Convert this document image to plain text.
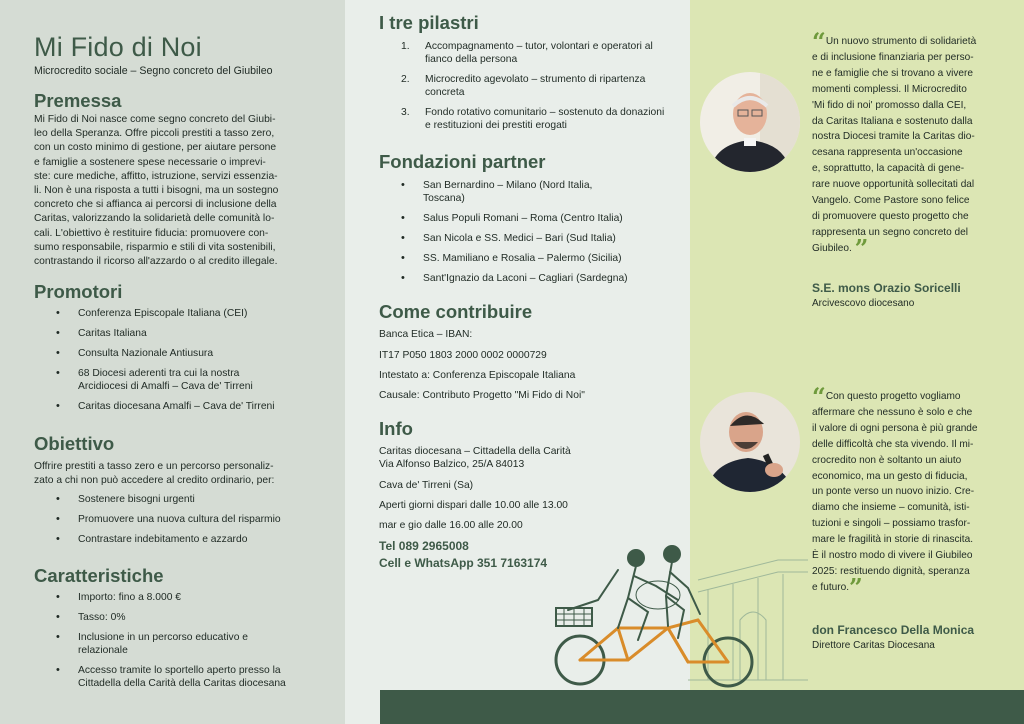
Mi Fido di Noi
Microcredito sociale – Segno concreto del Giubileo
Premessa
Mi Fido di Noi nasce come segno concreto del Giubi-
leo della Speranza. Offre piccoli prestiti a tasso zero,
con un costo minimo di gestione, per aiutare persone
e famiglie a sostenere spese necessarie o imprevi-
ste: cure mediche, affitto, istruzione, servizi essenzia-
li. Non è una risposta a tutti i bisogni, ma un sostegno
concreto che si affianca ai percorsi di inclusione della
Caritas, valorizzando la solidarietà delle comunità lo-
cali. L'obiettivo è restituire fiducia: promuovere con-
sumo responsabile, risparmio e stili di vita sostenibili,
contrastando il ricorso all'azzardo o al credito illegale.
Promotori
• Conferenza Episcopale Italiana (CEI)
• Caritas Italiana
• Consulta Nazionale Antiusura
• 68 Diocesi aderenti tra cui la nostra Arcidiocesi di Amalfi – Cava de' Tirreni
• Caritas diocesana Amalfi – Cava de' Tirreni
Obiettivo
Offrire prestiti a tasso zero e un percorso personaliz-
zato a chi non può accedere al credito ordinario, per:
• Sostenere bisogni urgenti
• Promuovere una nuova cultura del risparmio
• Contrastare indebitamento e azzardo
Caratteristiche
• Importo: fino a 8.000 €
• Tasso: 0%
• Inclusione in un percorso educativo e relazionale
• Accesso tramite lo sportello aperto presso la Cittadella della Carità della Caritas diocesana
I tre pilastri
1. Accompagnamento – tutor, volontari e operatori al fianco della persona
2. Microcredito agevolato – strumento di ripartenza concreta
3. Fondo rotativo comunitario – sostenuto da donazioni e restituzioni dei prestiti erogati
Fondazioni partner
• San Bernardino – Milano (Nord Italia, Toscana)
• Salus Populi Romani – Roma (Centro Italia)
• San Nicola e SS. Medici – Bari (Sud Italia)
• SS. Mamiliano e Rosalia – Palermo (Sicilia)
• Sant'Ignazio da Laconi – Cagliari (Sardegna)
Come contribuire
Banca Etica – IBAN:
IT17 P050 1803 2000 0002 0000729
Intestato a: Conferenza Episcopale Italiana
Causale: Contributo Progetto "Mi Fido di Noi"
Info
Caritas diocesana – Cittadella della Carità
Via Alfonso Balzico, 25/A 84013
Cava de' Tirreni (Sa)
Aperti giorni dispari dalle 10.00 alle 13.00
mar e gio dalle 16.00 alle 20.00
Tel 089 2965008
Cell e WhatsApp 351 7163174
“Un nuovo strumento di solidarietà
e di inclusione finanziaria per perso-
ne e famiglie che si trovano a vivere
momenti complessi. Il Microcredito
'Mi fido di noi' promosso dalla CEI,
da Caritas Italiana e sostenuto dalla
nostra Diocesi tramite la Caritas dio-
cesana rappresenta un'occasione
e, soprattutto, la capacità di gene-
rare nuove opportunità sollecitati dal
Vangelo. Come Pastore sono felice
di promuovere questo progetto che
rappresenta un segno concreto del
Giubileo. ”
S.E. mons Orazio Soricelli
Arcivescovo diocesano
“Con questo progetto vogliamo
affermare che nessuno è solo e che
il valore di ogni persona è più grande
delle difficoltà che sta vivendo. Il mi-
crocredito non è soltanto un aiuto
economico, ma un gesto di fiducia,
un ponte verso un nuovo inizio. Cre-
diamo che insieme – comunità, isti-
tuzioni e singoli – possiamo trasfor-
mare le fragilità in storie di rinascita.
È il nostro modo di vivere il Giubileo
2025: restituendo dignità, speranza
e futuro.”
don Francesco Della Monica
Direttore Caritas Diocesana
